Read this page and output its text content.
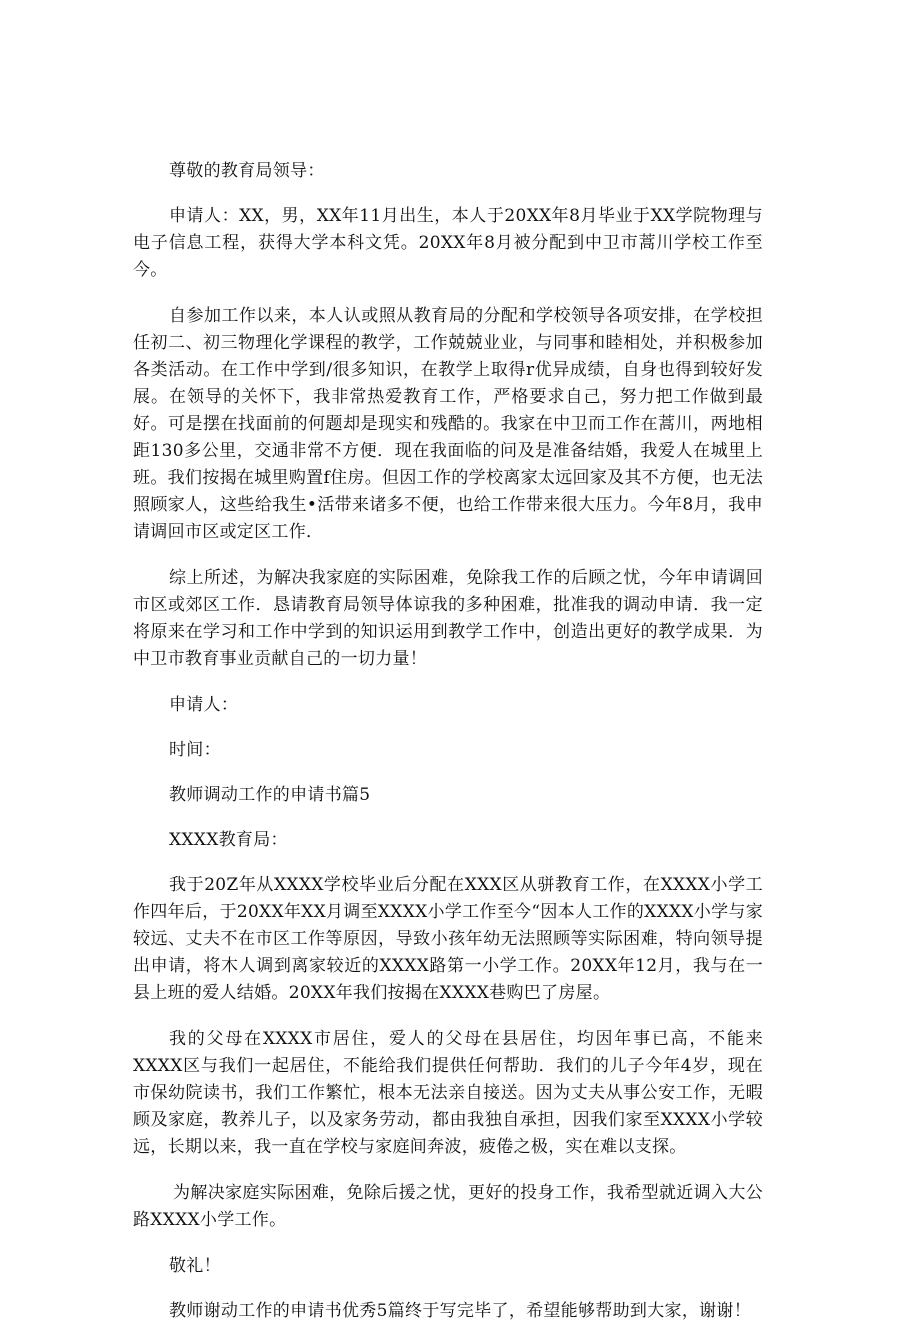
尊敬的教育局领导：

申请人：XX，男，XX年11月出生，本人于20XX年8月毕业于XX学院物理与电子信息工程，获得大学本科文凭。20XX年8月被分配到中卫市蒿川学校工作至今。

自参加工作以来，本人认或照从教育局的分配和学校领导各项安排，在学校担任初二、初三物理化学课程的教学，工作兢兢业业，与同事和睦相处，并积极参加各类活动。在工作中学到/很多知识，在教学上取得r优异成绩，自身也得到较好发展。在领导的关怀下，我非常热爱教育工作，严格要求自己，努力把工作做到最好。可是摆在找面前的何题却是现实和残酷的。我家在中卫而工作在蒿川，两地相距130多公里，交通非常不方便．现在我面临的问及是准备结婚，我爱人在城里上班。我们按揭在城里购置f住房。但因工作的学校离家太远回家及其不方便，也无法照顾家人，这些给我生•活带来诸多不便，也给工作带来很大压力。今年8月，我申请调回市区或定区工作．

综上所述，为解决我家庭的实际困难，免除我工作的后顾之忧，今年申请调回市区或郊区工作．恳请教育局领导体谅我的多种困难，批准我的调动申请．我一定将原来在学习和工作中学到的知识运用到教学工作中，创造出更好的教学成果．为中卫市教育事业贡献自己的一切力量！

申请人：

时间：

教师调动工作的申请书篇5

XXXX教育局：

我于20Z年从XXXX学校毕业后分配在XXX区从骈教育工作，在XXXX小学工作四年后，于20XX年XX月调至XXXX小学工作至今“因本人工作的XXXX小学与家较远、丈夫不在市区工作等原因，导致小孩年幼无法照顾等实际困难，特向领导提出申请，将木人调到离家较近的XXXX路第一小学工作。20XX年12月，我与在一县上班的爱人结婚。20XX年我们按揭在XXXX巷购巴了房屋。

我的父母在XXXX市居住，爱人的父母在县居住，均因年事已高，不能来XXXX区与我们一起居住，不能给我们提供任何帮助．我们的儿子今年4岁，现在市保幼院读书，我们工作繁忙，根本无法亲自接送。因为丈夫从事公安工作，无暇顾及家庭，教养儿子，以及家务劳动，都由我独自承担，因我们家至XXXX小学较远，长期以来，我一直在学校与家庭间奔波，疲倦之极，实在难以支探。

为解决家庭实际困难，免除后援之忧，更好的投身工作，我希型就近调入大公路XXXX小学工作。

敬礼！

教师谢动工作的申请书优秀5篇终于写完毕了，希望能够帮助到大家，谢谢！
